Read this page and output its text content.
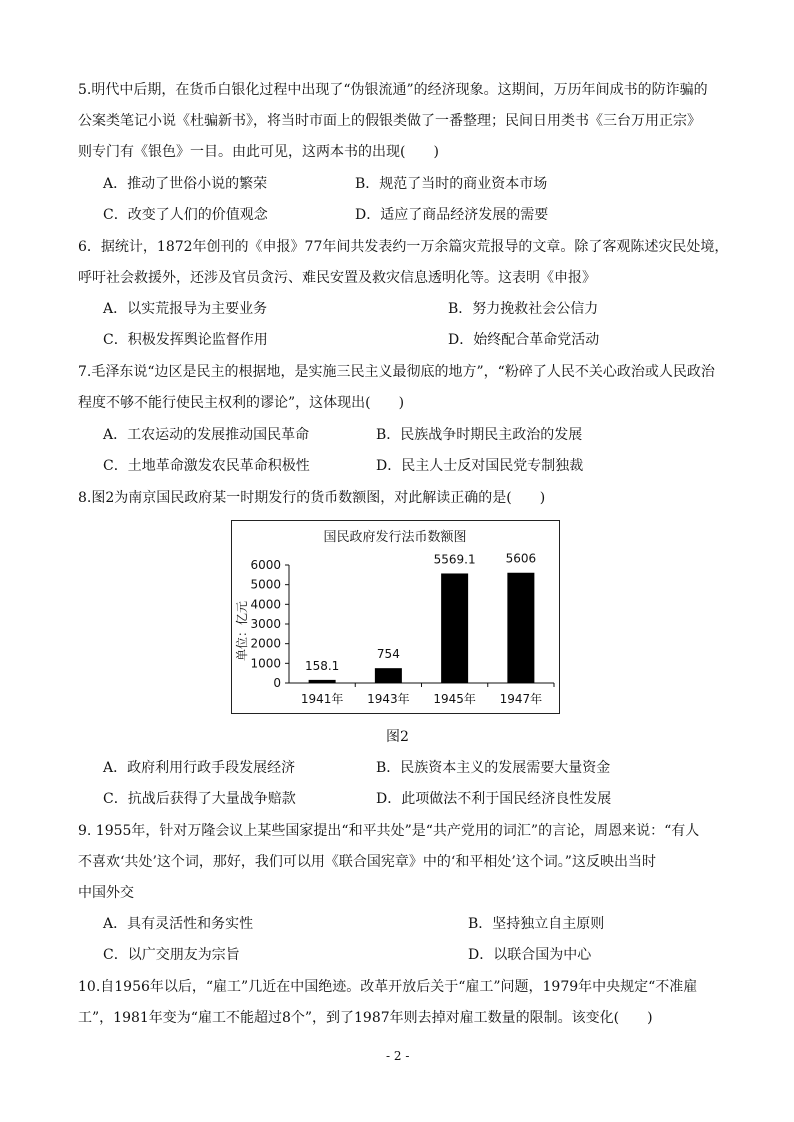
5.明代中后期，在货币白银化过程中出现了“伪银流通”的经济现象。这期间，万历年间成书的防诈骗的
公案类笔记小说《杜骗新书》，将当时市面上的假银类做了一番整理；民间日用类书《三台万用正宗》
则专门有《银色》一目。由此可见，这两本书的出现(　　)
A．推动了世俗小说的繁荣	B．规范了当时的商业资本市场
C．改变了人们的价值观念	D．适应了商品经济发展的需要
6．据统计，1872年创刊的《申报》77年间共发表约一万余篇灾荒报导的文章。除了客观陈述灾民处境，
呼吁社会救援外，还涉及官员贪污、难民安置及救灾信息透明化等。这表明《申报》
A．以实荒报导为主要业务	B．努力挽救社会公信力
C．积极发挥舆论监督作用	D．始终配合革命党活动
7.毛泽东说“边区是民主的根据地，是实施三民主义最彻底的地方”，“粉碎了人民不关心政治或人民政治
程度不够不能行使民主权利的谬论”，这体现出(　　)
A．工农运动的发展推动国民革命	B．民族战争时期民主政治的发展
C．土地革命激发农民革命积极性	D．民主人士反对国民党专制独裁
8.图2为南京国民政府某一时期发行的货币数额图，对此解读正确的是(　　)
国民政府发行法币数额图
单位：亿元
0
1000
2000
3000
4000
5000
6000
1941年 1943年 1945年 1947年
158.1
754
5569.1 5606
图2
A．政府利用行政手段发展经济	B．民族资本主义的发展需要大量资金
C．抗战后获得了大量战争赔款	D．此项做法不利于国民经济良性发展
9. 1955年，针对万隆会议上某些国家提出“和平共处”是“共产党用的词汇”的言论，周恩来说：“有人
不喜欢‘共处’这个词，那好，我们可以用《联合国宪章》中的‘和平相处’这个词。”这反映出当时
中国外交
A．具有灵活性和务实性	B．坚持独立自主原则
C．以广交朋友为宗旨	D．以联合国为中心
10.自1956年以后，“雇工”几近在中国绝迹。改革开放后关于“雇工”问题，1979年中央规定“不准雇
工”，1981年变为“雇工不能超过8个”，到了1987年则去掉对雇工数量的限制。该变化(　　)
- 2 -
